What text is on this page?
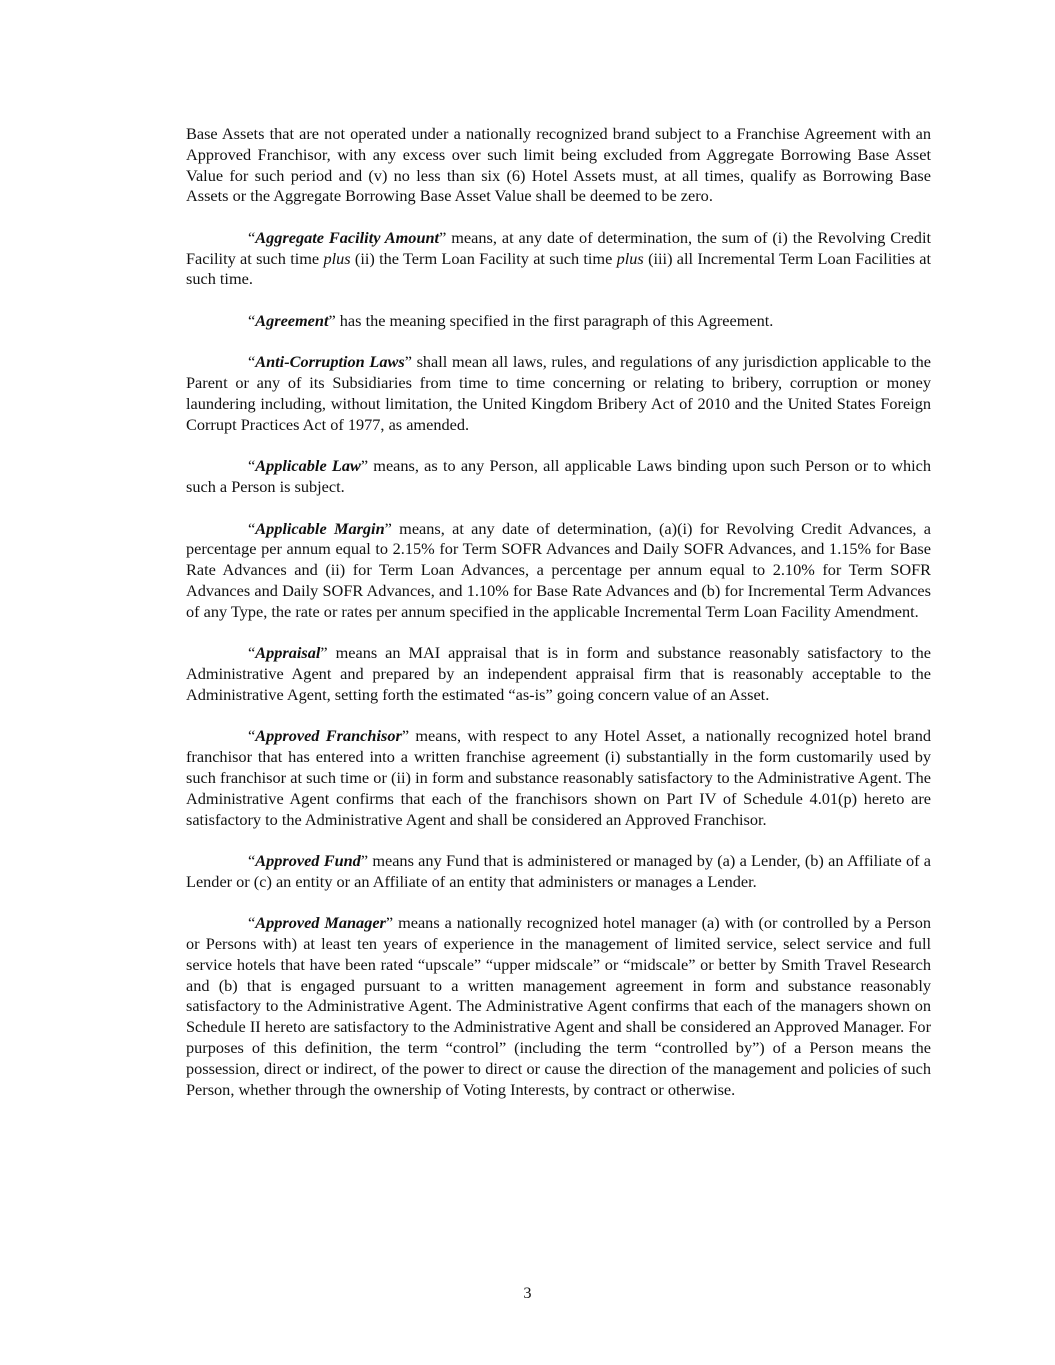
Base Assets that are not operated under a nationally recognized brand subject to a Franchise Agreement with an Approved Franchisor, with any excess over such limit being excluded from Aggregate Borrowing Base Asset Value for such period and (v) no less than six (6) Hotel Assets must, at all times, qualify as Borrowing Base Assets or the Aggregate Borrowing Base Asset Value shall be deemed to be zero.

“Aggregate Facility Amount” means, at any date of determination, the sum of (i) the Revolving Credit Facility at such time plus (ii) the Term Loan Facility at such time plus (iii) all Incremental Term Loan Facilities at such time.

“Agreement” has the meaning specified in the first paragraph of this Agreement.

“Anti-Corruption Laws” shall mean all laws, rules, and regulations of any jurisdiction applicable to the Parent or any of its Subsidiaries from time to time concerning or relating to bribery, corruption or money laundering including, without limitation, the United Kingdom Bribery Act of 2010 and the United States Foreign Corrupt Practices Act of 1977, as amended.

“Applicable Law” means, as to any Person, all applicable Laws binding upon such Person or to which such a Person is subject.

“Applicable Margin” means, at any date of determination, (a)(i) for Revolving Credit Advances, a percentage per annum equal to 2.15% for Term SOFR Advances and Daily SOFR Advances, and 1.15% for Base Rate Advances and (ii) for Term Loan Advances, a percentage per annum equal to 2.10% for Term SOFR Advances and Daily SOFR Advances, and 1.10% for Base Rate Advances and (b) for Incremental Term Advances of any Type, the rate or rates per annum specified in the applicable Incremental Term Loan Facility Amendment.

“Appraisal” means an MAI appraisal that is in form and substance reasonably satisfactory to the Administrative Agent and prepared by an independent appraisal firm that is reasonably acceptable to the Administrative Agent, setting forth the estimated “as-is” going concern value of an Asset.

“Approved Franchisor” means, with respect to any Hotel Asset, a nationally recognized hotel brand franchisor that has entered into a written franchise agreement (i) substantially in the form customarily used by such franchisor at such time or (ii) in form and substance reasonably satisfactory to the Administrative Agent. The Administrative Agent confirms that each of the franchisors shown on Part IV of Schedule 4.01(p) hereto are satisfactory to the Administrative Agent and shall be considered an Approved Franchisor.

“Approved Fund” means any Fund that is administered or managed by (a) a Lender, (b) an Affiliate of a Lender or (c) an entity or an Affiliate of an entity that administers or manages a Lender.

“Approved Manager” means a nationally recognized hotel manager (a) with (or controlled by a Person or Persons with) at least ten years of experience in the management of limited service, select service and full service hotels that have been rated “upscale” “upper midscale” or “midscale” or better by Smith Travel Research and (b) that is engaged pursuant to a written management agreement in form and substance reasonably satisfactory to the Administrative Agent. The Administrative Agent confirms that each of the managers shown on Schedule II hereto are satisfactory to the Administrative Agent and shall be considered an Approved Manager. For purposes of this definition, the term “control” (including the term “controlled by”) of a Person means the possession, direct or indirect, of the power to direct or cause the direction of the management and policies of such Person, whether through the ownership of Voting Interests, by contract or otherwise.

3
